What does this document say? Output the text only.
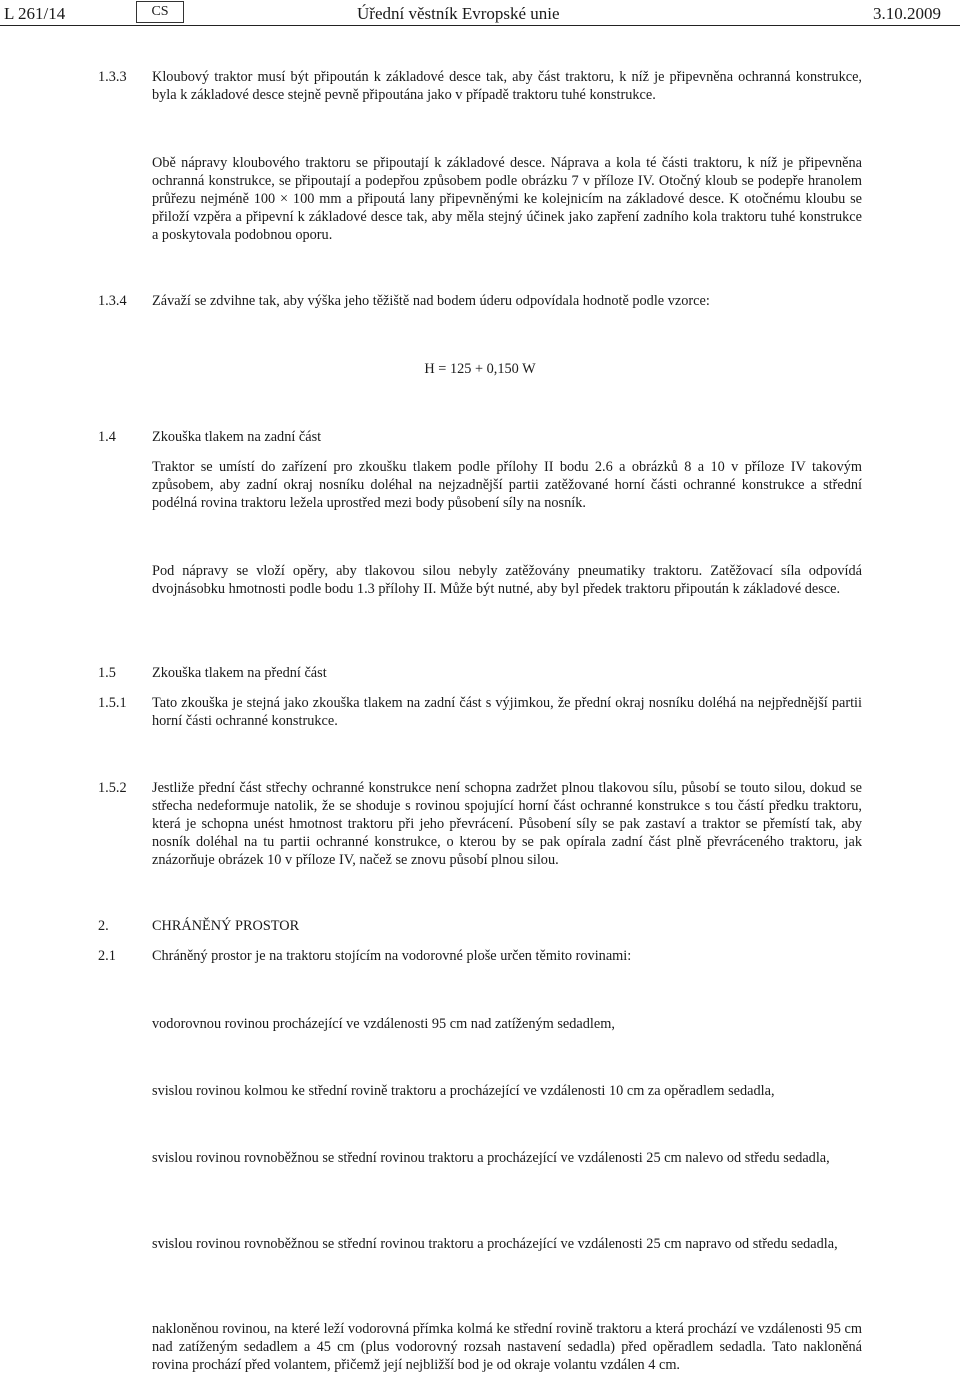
L 261/14	CS	Úřední věstník Evropské unie	3.10.2009
1.3.3 Kloubový traktor musí být připoután k základové desce tak, aby část traktoru, k níž je připevněna ochranná konstrukce, byla k základové desce stejně pevně připoutána jako v případě traktoru tuhé konstrukce.
Obě nápravy kloubového traktoru se připoutají k základové desce. Náprava a kola té části traktoru, k níž je připevněna ochranná konstrukce, se připoutají a podepřou způsobem podle obrázku 7 v příloze IV. Otočný kloub se podepře hranolem průřezu nejméně 100 × 100 mm a připoutá lany připevněnými ke kolejnicím na základové desce. K otočnému kloubu se přiloží vzpěra a připevní k základové desce tak, aby měla stejný účinek jako zapření zadního kola traktoru tuhé konstrukce a poskytovala podobnou oporu.
1.3.4 Závaží se zdvihne tak, aby výška jeho těžiště nad bodem úderu odpovídala hodnotě podle vzorce:
H = 125 + 0,150 W
1.4	Zkouška tlakem na zadní část
Traktor se umístí do zařízení pro zkoušku tlakem podle přílohy II bodu 2.6 a obrázků 8 a 10 v příloze IV takovým způsobem, aby zadní okraj nosníku doléhal na nejzadnější partii zatěžované horní části ochranné konstrukce a střední podélná rovina traktoru ležela uprostřed mezi body působení síly na nosník.
Pod nápravy se vloží opěry, aby tlakovou silou nebyly zatěžovány pneumatiky traktoru. Zatěžovací síla odpovídá dvojnásobku hmotnosti podle bodu 1.3 přílohy II. Může být nutné, aby byl předek traktoru připoután k základové desce.
1.5	Zkouška tlakem na přední část
1.5.1 Tato zkouška je stejná jako zkouška tlakem na zadní část s výjimkou, že přední okraj nosníku doléhá na nejpřednější partii horní části ochranné konstrukce.
1.5.2 Jestliže přední část střechy ochranné konstrukce není schopna zadržet plnou tlakovou sílu, působí se touto silou, dokud se střecha nedeformuje natolik, že se shoduje s rovinou spojující horní část ochranné konstrukce s tou částí předku traktoru, která je schopna unést hmotnost traktoru při jeho převrácení. Působení síly se pak zastaví a traktor se přemístí tak, aby nosník doléhal na tu partii ochranné konstrukce, o kterou by se pak opírala zadní část plně převráceného traktoru, jak znázorňuje obrázek 10 v příloze IV, načež se znovu působí plnou silou.
2.	CHRÁNĚNÝ PROSTOR
2.1	Chráněný prostor je na traktoru stojícím na vodorovné ploše určen těmito rovinami:
vodorovnou rovinou procházející ve vzdálenosti 95 cm nad zatíženým sedadlem,
svislou rovinou kolmou ke střední rovině traktoru a procházející ve vzdálenosti 10 cm za opěradlem sedadla,
svislou rovinou rovnoběžnou se střední rovinou traktoru a procházející ve vzdálenosti 25 cm nalevo od středu sedadla,
svislou rovinou rovnoběžnou se střední rovinou traktoru a procházející ve vzdálenosti 25 cm napravo od středu sedadla,
nakloněnou rovinou, na které leží vodorovná přímka kolmá ke střední rovině traktoru a která prochází ve vzdálenosti 95 cm nad zatíženým sedadlem a 45 cm (plus vodorovný rozsah nastavení sedadla) před opěradlem sedadla. Tato nakloněná rovina prochází před volantem, přičemž její nejbližší bod je od okraje volantu vzdálen 4 cm.
